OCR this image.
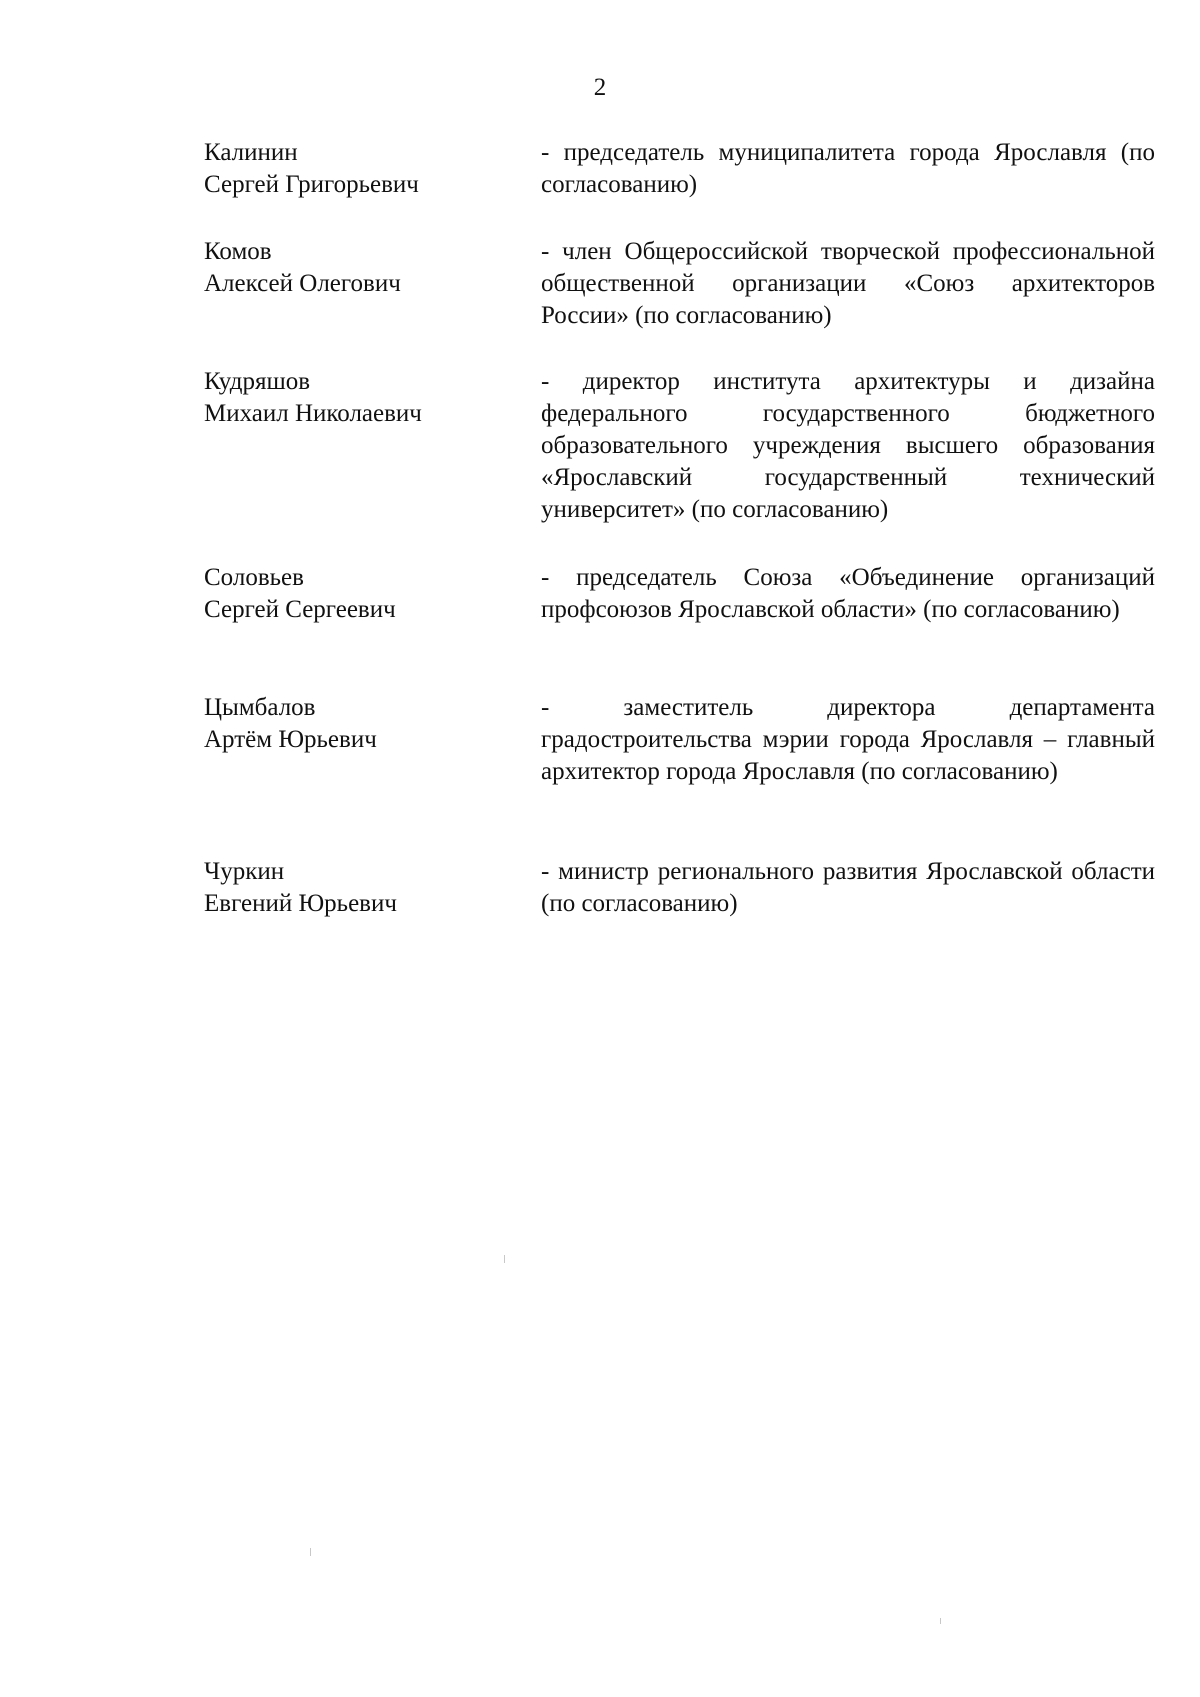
2
Калинин
Сергей Григорьевич
- председатель муниципалитета города Ярославля (по согласованию)
Комов
Алексей Олегович
- член Общероссийской творческой профессиональной общественной организации «Союз архитекторов России» (по согласованию)
Кудряшов
Михаил Николаевич
- директор института архитектуры и дизайна федерального государственного бюджетного образовательного учреждения высшего образования «Ярославский государственный технический университет» (по согласованию)
Соловьев
Сергей Сергеевич
- председатель Союза «Объединение организаций профсоюзов Ярославской области» (по согласованию)
Цымбалов
Артём Юрьевич
- заместитель директора департамента градостроительства мэрии города Ярославля – главный архитектор города Ярославля (по согласованию)
Чуркин
Евгений Юрьевич
- министр регионального развития Ярославской области (по согласованию)
